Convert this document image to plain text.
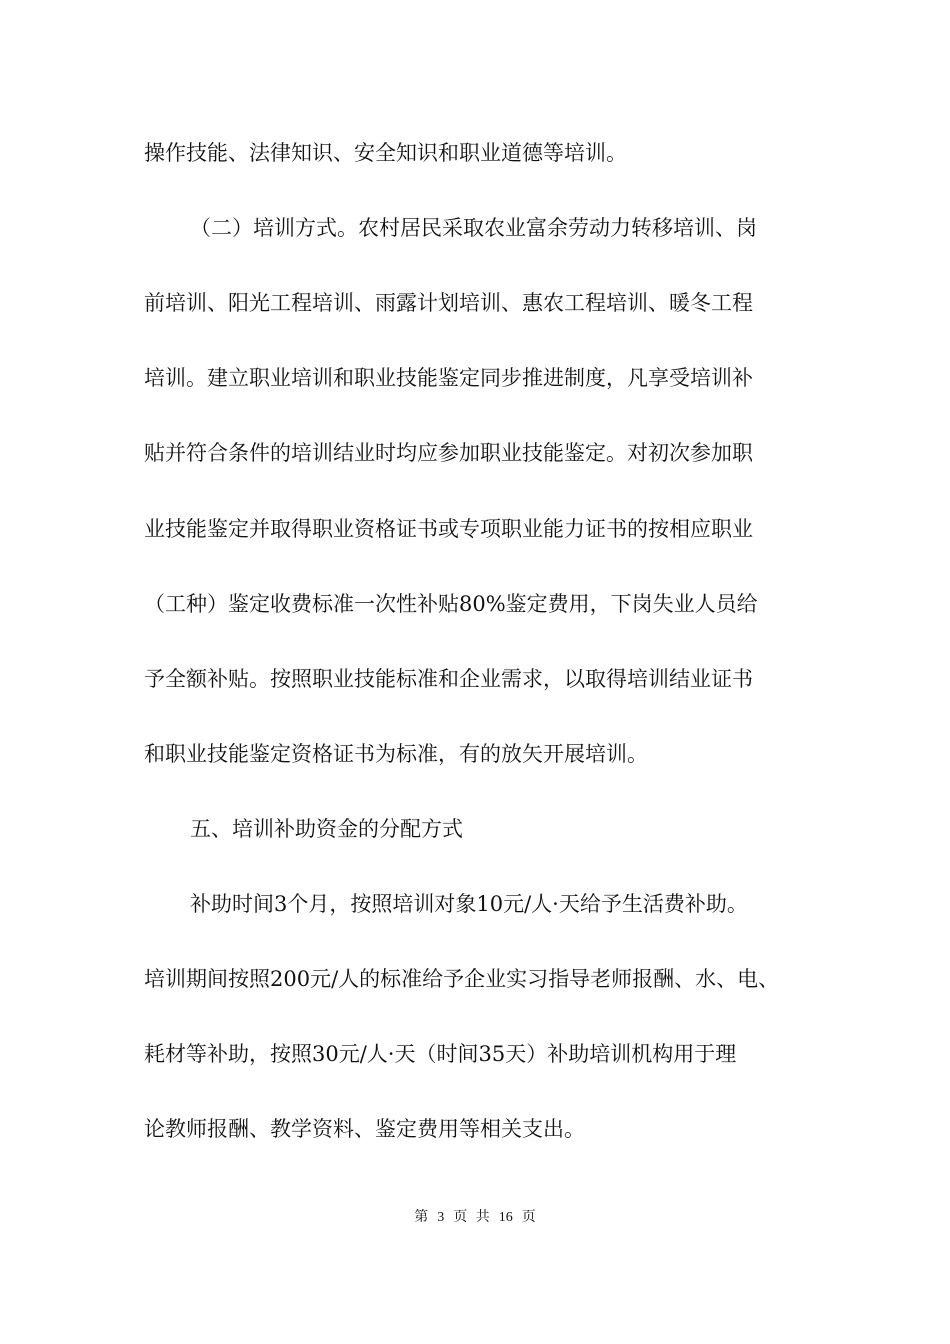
操作技能、法律知识、安全知识和职业道德等培训。
（二）培训方式。农村居民采取农业富余劳动力转移培训、岗
前培训、阳光工程培训、雨露计划培训、惠农工程培训、暖冬工程
培训。建立职业培训和职业技能鉴定同步推进制度，凡享受培训补
贴并符合条件的培训结业时均应参加职业技能鉴定。对初次参加职
业技能鉴定并取得职业资格证书或专项职业能力证书的按相应职业
（工种）鉴定收费标准一次性补贴80%鉴定费用，下岗失业人员给
予全额补贴。按照职业技能标准和企业需求，以取得培训结业证书
和职业技能鉴定资格证书为标准，有的放矢开展培训。
五、培训补助资金的分配方式
补助时间3个月，按照培训对象10元/人·天给予生活费补助。
培训期间按照200元/人的标准给予企业实习指导老师报酬、水、电、
耗材等补助，按照30元/人·天（时间35天）补助培训机构用于理
论教师报酬、教学资料、鉴定费用等相关支出。
第 3 页 共 16 页
